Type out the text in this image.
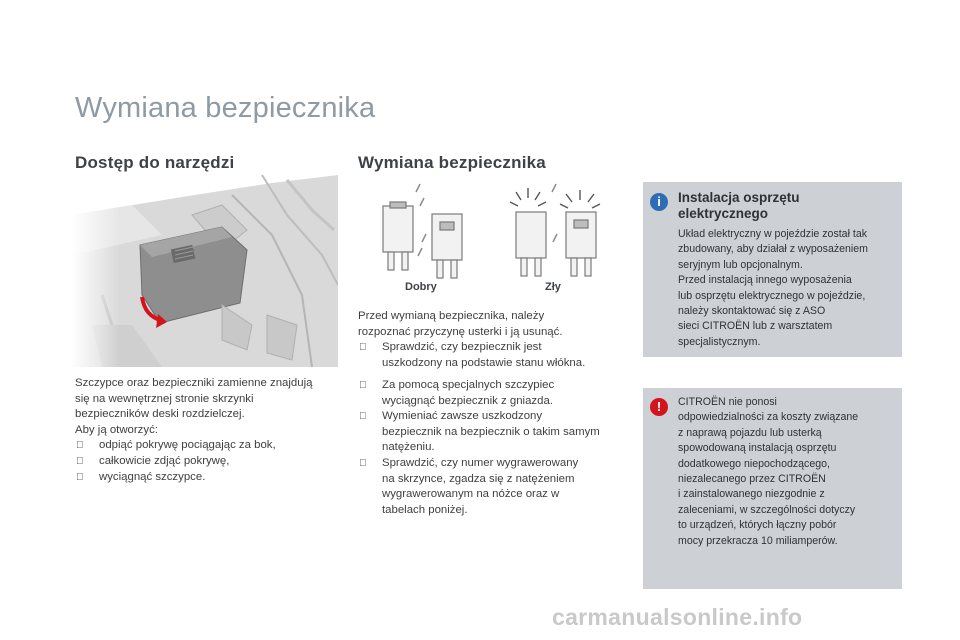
Wymiana bezpiecznika
Dostęp do narzędzi
Szczypce oraz bezpieczniki zamienne znajdują się na wewnętrznej stronie skrzynki bezpieczników deski rozdzielczej.
Aby ją otworzyć:
odpiąć pokrywę pociągając za bok,
całkowicie zdjąć pokrywę,
wyciągnąć szczypce.
Wymiana bezpiecznika
Dobry	Zły
Przed wymianą bezpiecznika, należy
rozpoznać przyczynę usterki i ją usunąć.
Sprawdzić, czy bezpiecznik jest
uszkodzony na podstawie stanu włókna.
Za pomocą specjalnych szczypiec
wyciągnąć bezpiecznik z gniazda.
Wymieniać zawsze uszkodzony
bezpiecznik na bezpiecznik o takim samym
natężeniu.
Sprawdzić, czy numer wygrawerowany
na skrzynce, zgadza się z natężeniem
wygrawerowanym na nóżce oraz w
tabelach poniżej.
i	Instalacja osprzętu
elektrycznego
Układ elektryczny w pojeździe został tak
zbudowany, aby działał z wyposażeniem
seryjnym lub opcjonalnym.
Przed instalacją innego wyposażenia
lub osprzętu elektrycznego w pojeździe,
należy skontaktować się z ASO
sieci CITROËN lub z warsztatem
specjalistycznym.
!	CITROËN nie ponosi
odpowiedzialności za koszty związane
z naprawą pojazdu lub usterką
spowodowaną instalacją osprzętu
dodatkowego niepochodzącego,
niezalecanego przez CITROËN
i zainstalowanego niezgodnie z
zaleceniami, w szczególności dotyczy
to urządzeń, których łączny pobór
mocy przekracza 10 miliamperów.
carmanualsonline.info
